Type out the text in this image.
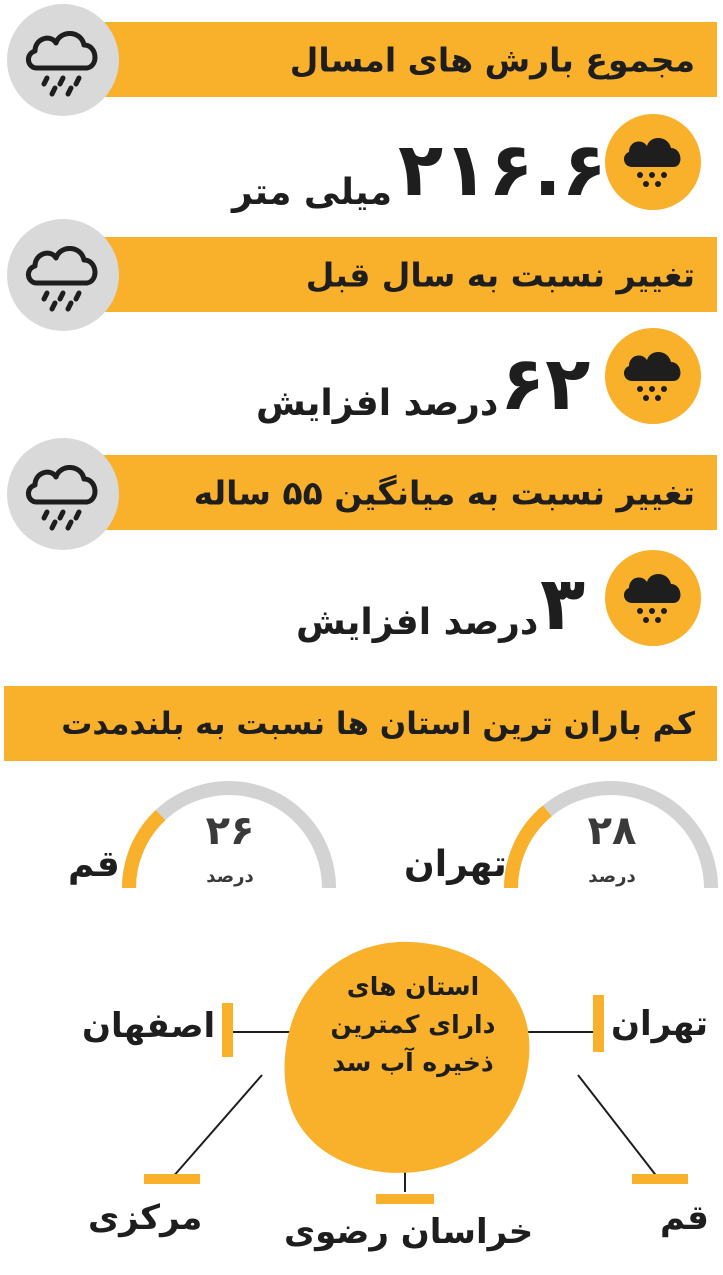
مجموع بارش های امسال
۲۱۶.۶
میلی متر
تغییر نسبت به سال قبل
۶۲
درصد افزایش
تغییر نسبت به میانگین ۵۵ ساله
۳
درصد افزایش
کم باران ترین استان ها نسبت به بلندمدت
۲۸
درصد
تهران
۲۶
درصد
قم
استان های
دارای کمترین
ذخیره آب سد
تهران
اصفهان
قم
خراسان رضوی
مرکزی
